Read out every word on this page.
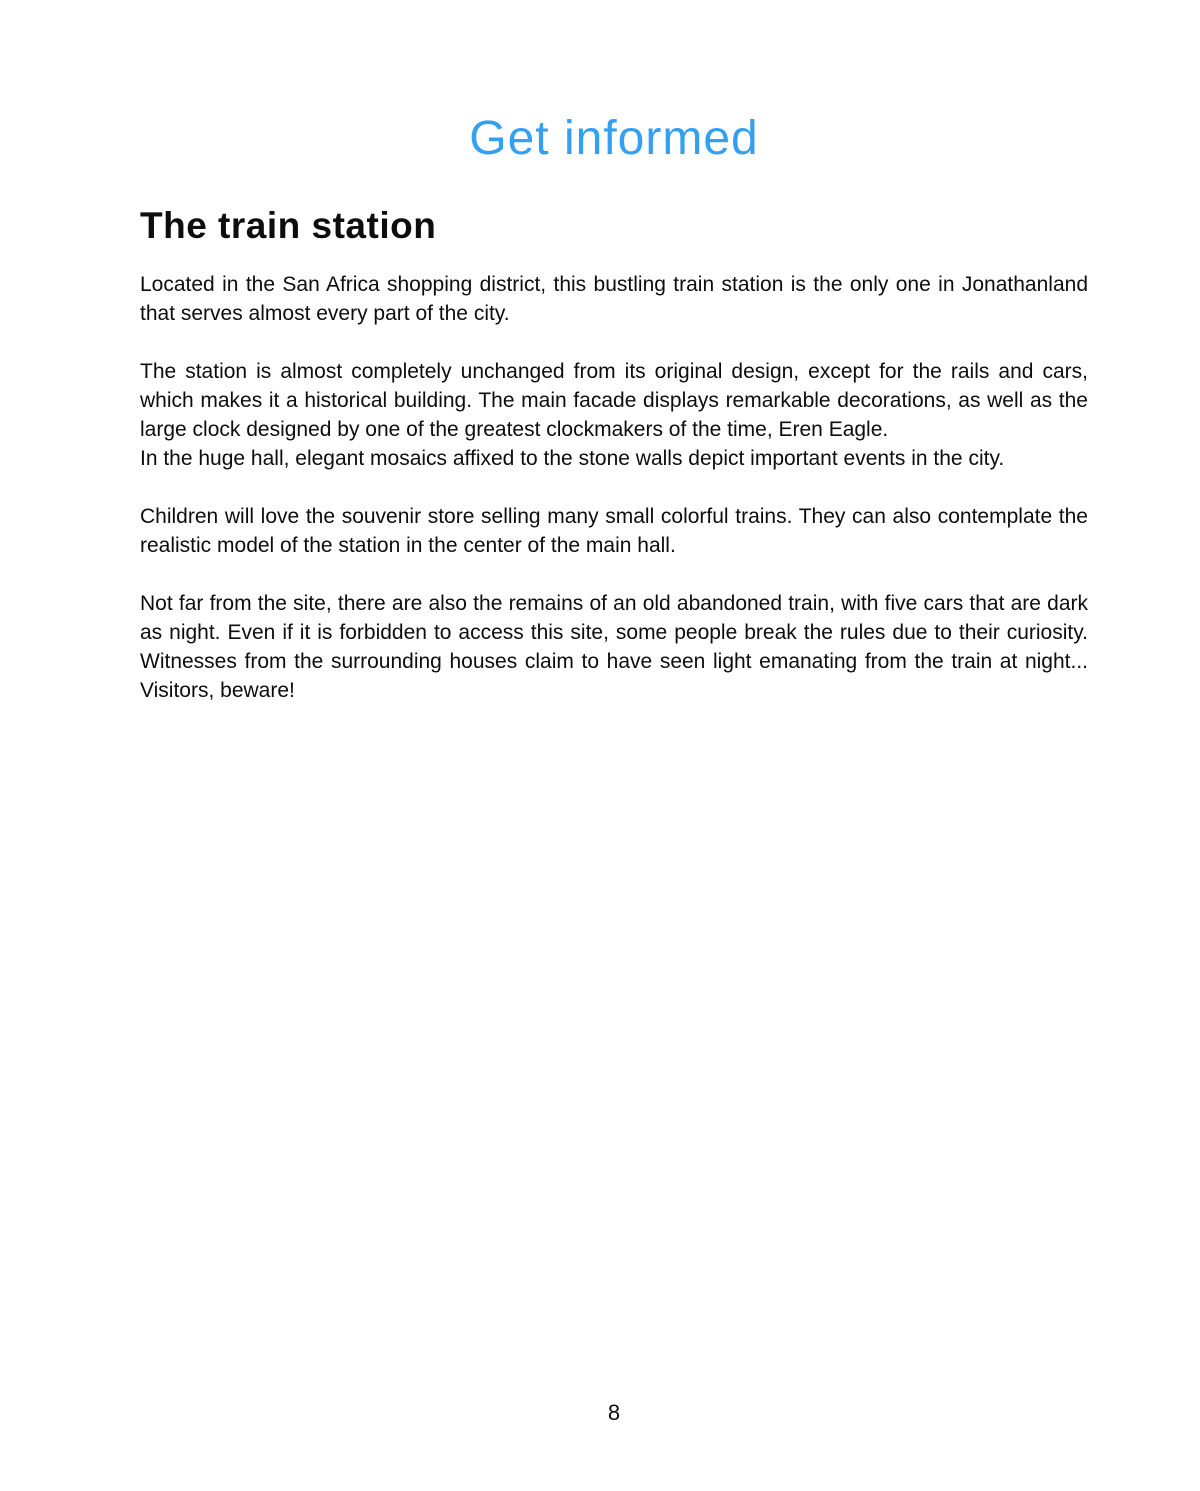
Get informed
The train station

Located in the San Africa shopping district, this bustling train station is the only one in Jonathanland that serves almost every part of the city.

The station is almost completely unchanged from its original design, except for the rails and cars, which makes it a historical building. The main facade displays remarkable decorations, as well as the large clock designed by one of the greatest clockmakers of the time, Eren Eagle.

In the huge hall, elegant mosaics affixed to the stone walls depict important events in the city.

Children will love the souvenir store selling many small colorful trains. They can also contemplate the realistic model of the station in the center of the main hall.

Not far from the site, there are also the remains of an old abandoned train, with five cars that are dark as night. Even if it is forbidden to access this site, some people break the rules due to their curiosity. Witnesses from the surrounding houses claim to have seen light emanating from the train at night... Visitors, beware!

8
